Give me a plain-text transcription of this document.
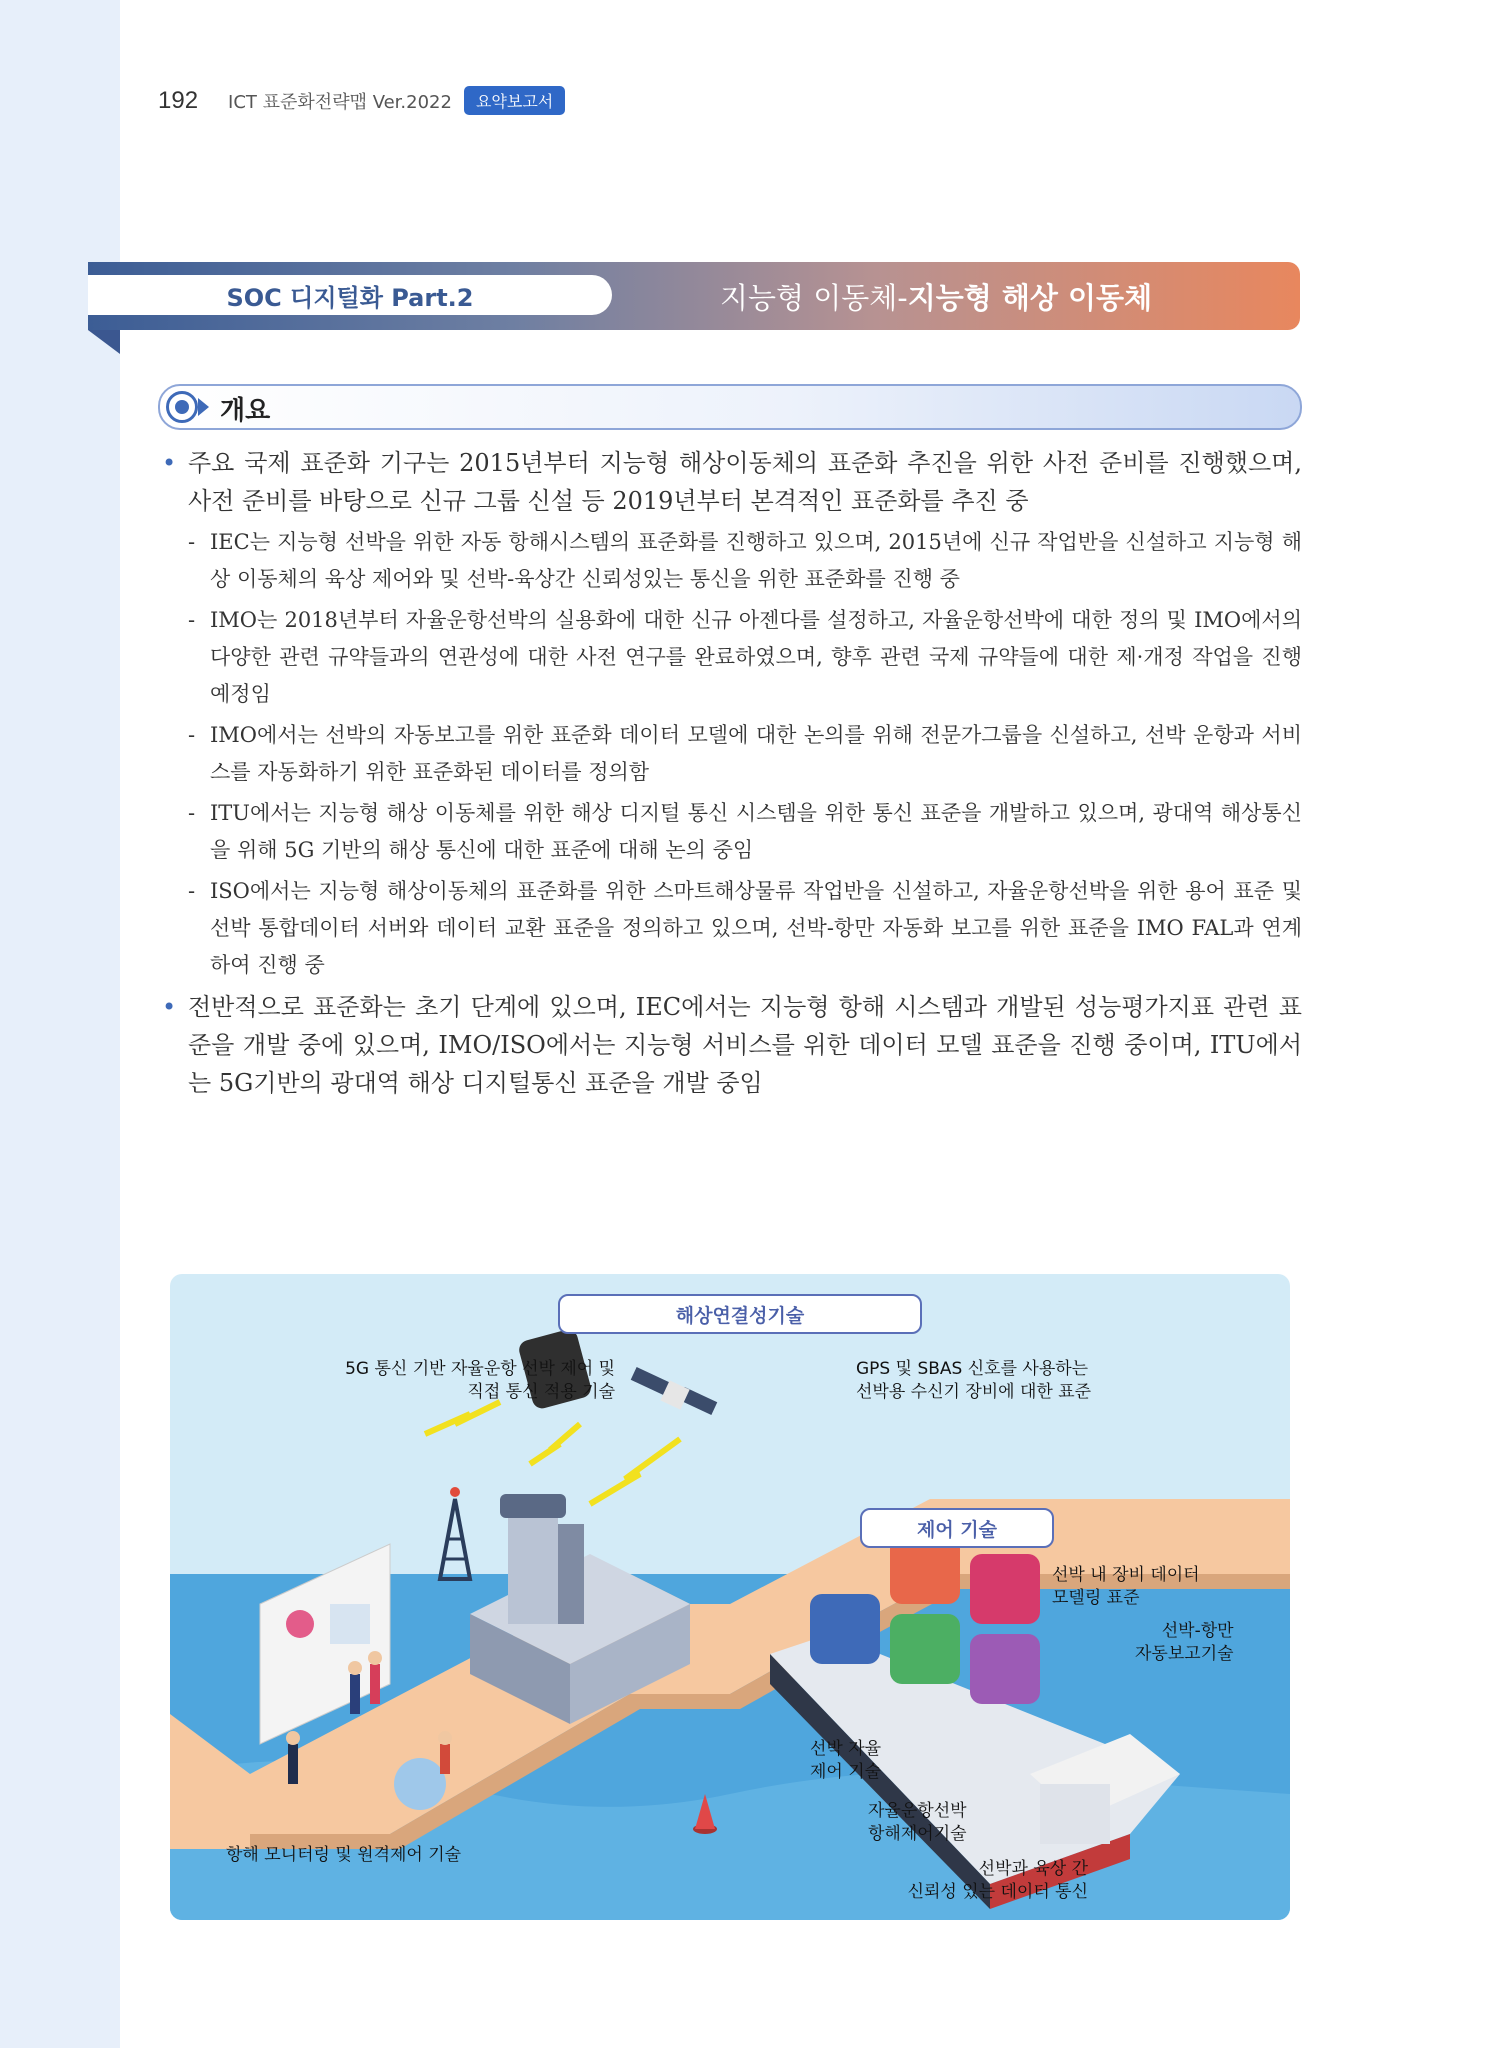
192 ICT 표준화전략맵 Ver.2022	요약보고서
SOC 디지털화 Part.2	지능형 이동체-지능형 해상 이동체
개요
• 주요 국제 표준화 기구는 2015년부터 지능형 해상이동체의 표준화 추진을 위한 사전 준비를 진행했으며, 사전 준비를 바탕으로 신규 그룹 신설 등 2019년부터 본격적인 표준화를 추진 중
- IEC는 지능형 선박을 위한 자동 항해시스템의 표준화를 진행하고 있으며, 2015년에 신규 작업반을 신설하고 지능형 해상 이동체의 육상 제어와 및 선박-육상간 신뢰성있는 통신을 위한 표준화를 진행 중
- IMO는 2018년부터 자율운항선박의 실용화에 대한 신규 아젠다를 설정하고, 자율운항선박에 대한 정의 및 IMO에서의 다양한 관련 규약들과의 연관성에 대한 사전 연구를 완료하였으며, 향후 관련 국제 규약들에 대한 제·개정 작업을 진행 예정임
- IMO에서는 선박의 자동보고를 위한 표준화 데이터 모델에 대한 논의를 위해 전문가그룹을 신설하고, 선박 운항과 서비스를 자동화하기 위한 표준화된 데이터를 정의함
- ITU에서는 지능형 해상 이동체를 위한 해상 디지털 통신 시스템을 위한 통신 표준을 개발하고 있으며, 광대역 해상통신을 위해 5G 기반의 해상 통신에 대한 표준에 대해 논의 중임
- ISO에서는 지능형 해상이동체의 표준화를 위한 스마트해상물류 작업반을 신설하고, 자율운항선박을 위한 용어 표준 및 선박 통합데이터 서버와 데이터 교환 표준을 정의하고 있으며, 선박-항만 자동화 보고를 위한 표준을 IMO FAL과 연계하여 진행 중
• 전반적으로 표준화는 초기 단계에 있으며, IEC에서는 지능형 항해 시스템과 개발된 성능평가지표 관련 표준을 개발 중에 있으며, IMO/ISO에서는 지능형 서비스를 위한 데이터 모델 표준을 진행 중이며, ITU에서는 5G기반의 광대역 해상 디지털통신 표준을 개발 중임
해상연결성기술
제어 기술
5G 통신 기반 자율운항 선박 제어 및
직접 통신 적용 기술
GPS 및 SBAS 신호를 사용하는
선박용 수신기 장비에 대한 표준
선박 내 장비 데이터
모델링 표준
선박-항만
자동보고기술
선박 자율
제어 기술
자율운항선박
항해제어기술
선박과 육상 간
신뢰성 있는 데이터 통신
항해 모니터링 및 원격제어 기술
